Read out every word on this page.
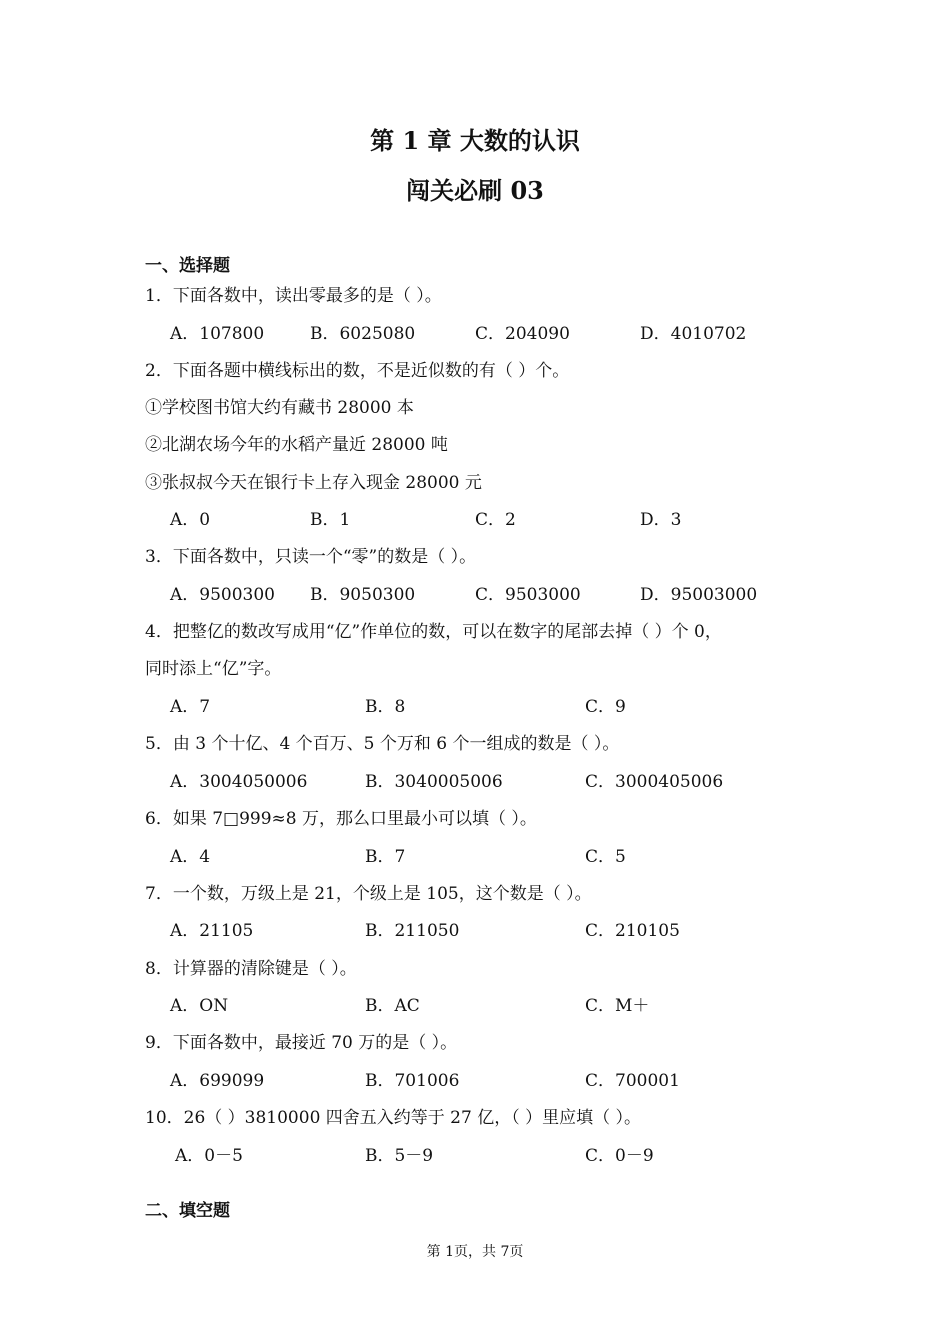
第 1 章 大数的认识
闯关必刷 03
一、选择题
1．下面各数中，读出零最多的是（ ）。
A．107800	B．6025080	C．204090	D．4010702
2．下面各题中横线标出的数，不是近似数的有（ ）个。
①学校图书馆大约有藏书 28000 本
②北湖农场今年的水稻产量近 28000 吨
③张叔叔今天在银行卡上存入现金 28000 元
A．0	B．1	C．2	D．3
3．下面各数中，只读一个“零”的数是（ ）。
A．9500300 B．9050300	C．9503000	D．95003000
4．把整亿的数改写成用“亿”作单位的数，可以在数字的尾部去掉（ ）个 0，
同时添上“亿”字。
A．7	B．8	C．9
5．由 3 个十亿、4 个百万、5 个万和 6 个一组成的数是（ ）。
A．3004050006	B．3040005006	C．3000405006
6．如果 7□999≈8 万，那么口里最小可以填（ ）。
A．4	B．7	C．5
7．一个数，万级上是 21，个级上是 105，这个数是（ ）。
A．21105	B．211050	C．210105
8．计算器的清除键是（ ）。
A．ON	B．AC	C．M＋
9．下面各数中，最接近 70 万的是（ ）。
A．699099	B．701006	C．700001
10．26（ ）3810000 四舍五入约等于 27 亿，（ ）里应填（ ）。
A．0－5	B．5－9	C．0－9
二、填空题
第 1页，共 7页
